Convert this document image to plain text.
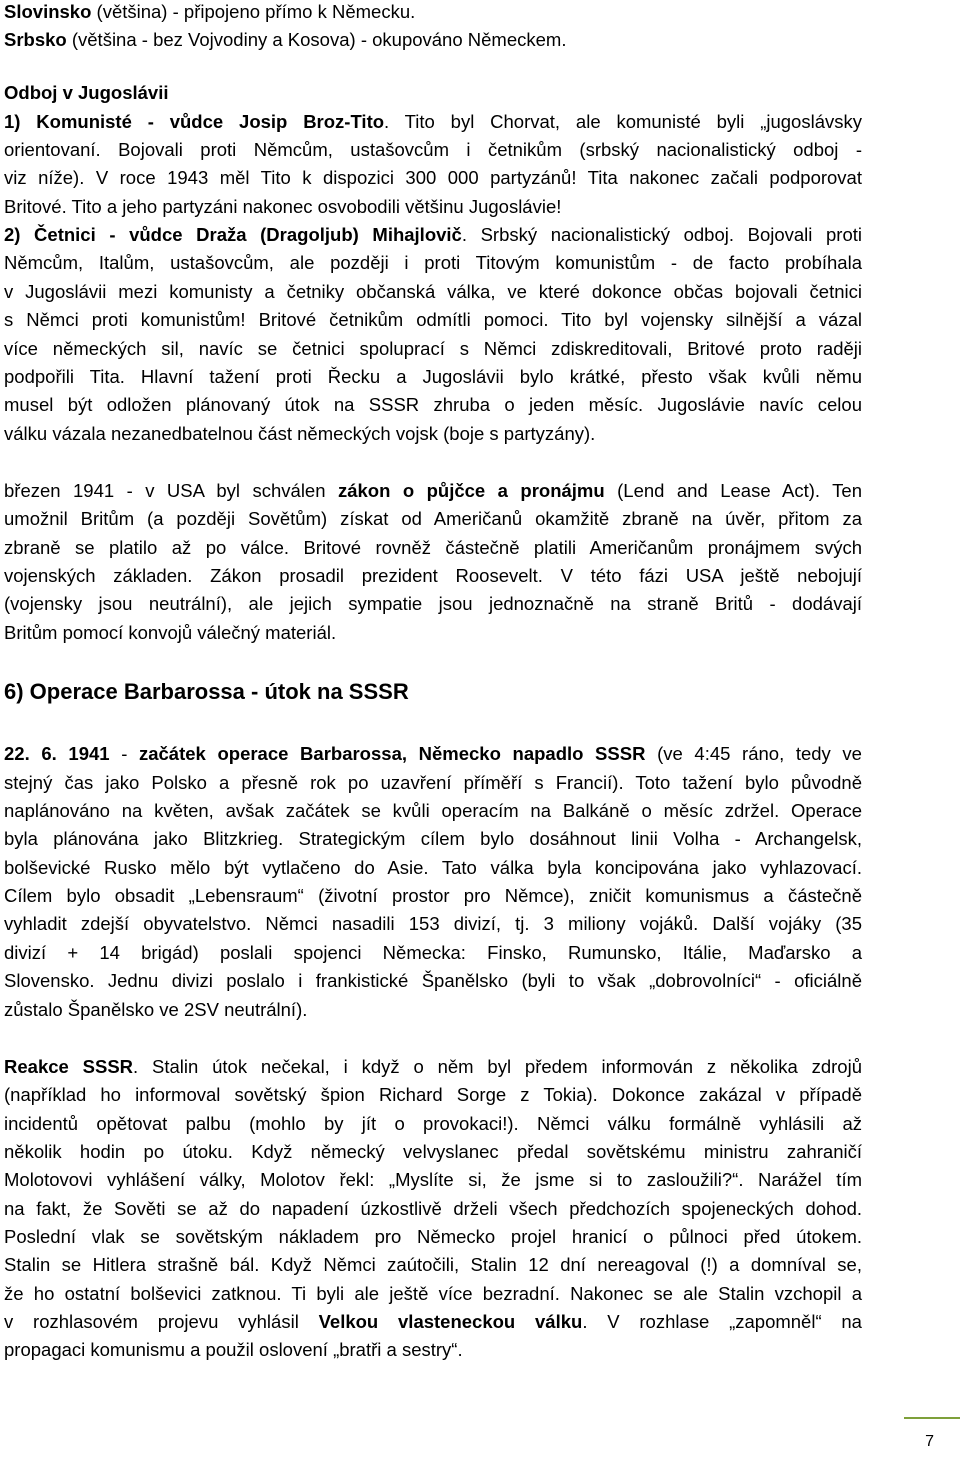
Slovinsko (většina) - připojeno přímo k Německu.
Srbsko (většina - bez Vojvodiny a Kosova) - okupováno Německem.
Odboj v Jugoslávii
1) Komunisté - vůdce Josip Broz-Tito. Tito byl Chorvat, ale komunisté byli „jugoslávsky
orientovaní. Bojovali proti Němcům, ustašovcům i četnikům (srbský nacionalistický odboj -
viz níže). V roce 1943 měl Tito k dispozici 300 000 partyzánů! Tita nakonec začali podporovat
Britové. Tito a jeho partyzáni nakonec osvobodili většinu Jugoslávie!
2) Četnici - vůdce Draža (Dragoljub) Mihajlovič. Srbský nacionalistický odboj. Bojovali proti
Němcům, Italům, ustašovcům, ale později i proti Titovým komunistům - de facto probíhala
v Jugoslávii mezi komunisty a četniky občanská válka, ve které dokonce občas bojovali četnici
s Němci proti komunistům! Britové četnikům odmítli pomoci. Tito byl vojensky silnější a vázal
více německých sil, navíc se četnici spoluprací s Němci zdiskreditovali, Britové proto raději
podpořili Tita. Hlavní tažení proti Řecku a Jugoslávii bylo krátké, přesto však kvůli němu
musel být odložen plánovaný útok na SSSR zhruba o jeden měsíc. Jugoslávie navíc celou
válku vázala nezanedbatelnou část německých vojsk (boje s partyzány).
březen 1941 - v USA byl schválen zákon o půjčce a pronájmu (Lend and Lease Act). Ten
umožnil Britům (a později Sovětům) získat od Američanů okamžitě zbraně na úvěr, přitom za
zbraně se platilo až po válce. Britové rovněž částečně platili Američanům pronájmem svých
vojenských základen. Zákon prosadil prezident Roosevelt. V této fázi USA ještě nebojují
(vojensky jsou neutrální), ale jejich sympatie jsou jednoznačně na straně Britů - dodávají
Britům pomocí konvojů válečný materiál.
6) Operace Barbarossa - útok na SSSR
22. 6. 1941 - začátek operace Barbarossa, Německo napadlo SSSR (ve 4:45 ráno, tedy ve
stejný čas jako Polsko a přesně rok po uzavření příměří s Francií). Toto tažení bylo původně
naplánováno na květen, avšak začátek se kvůli operacím na Balkáně o měsíc zdržel. Operace
byla plánována jako Blitzkrieg. Strategickým cílem bylo dosáhnout linii Volha - Archangelsk,
bolševické Rusko mělo být vytlačeno do Asie. Tato válka byla koncipována jako vyhlazovací.
Cílem bylo obsadit „Lebensraum“ (životní prostor pro Němce), zničit komunismus a částečně
vyhladit zdejší obyvatelstvo. Němci nasadili 153 divizí, tj. 3 miliony vojáků. Další vojáky (35
divizí + 14 brigád) poslali spojenci Německa: Finsko, Rumunsko, Itálie, Maďarsko a
Slovensko. Jednu divizi poslalo i frankistické Španělsko (byli to však „dobrovolníci“ - oficiálně
zůstalo Španělsko ve 2SV neutrální).
Reakce SSSR. Stalin útok nečekal, i když o něm byl předem informován z několika zdrojů
(například ho informoval sovětský špion Richard Sorge z Tokia). Dokonce zakázal v případě
incidentů opětovat palbu (mohlo by jít o provokaci!). Němci válku formálně vyhlásili až
několik hodin po útoku. Když německý velvyslanec předal sovětskému ministru zahraničí
Molotovovi vyhlášení války, Molotov řekl: „Myslíte si, že jsme si to zasloužili?“. Narážel tím
na fakt, že Sověti se až do napadení úzkostlivě drželi všech předchozích spojeneckých dohod.
Poslední vlak se sovětským nákladem pro Německo projel hranicí o půlnoci před útokem.
Stalin se Hitlera strašně bál. Když Němci zaútočili, Stalin 12 dní nereagoval (!) a domníval se,
že ho ostatní bolševici zatknou. Ti byli ale ještě více bezradní. Nakonec se ale Stalin vzchopil a
v rozhlasovém projevu vyhlásil Velkou vlasteneckou válku. V rozhlase „zapomněl“ na
propagaci komunismu a použil oslovení „bratři a sestry“.
7
